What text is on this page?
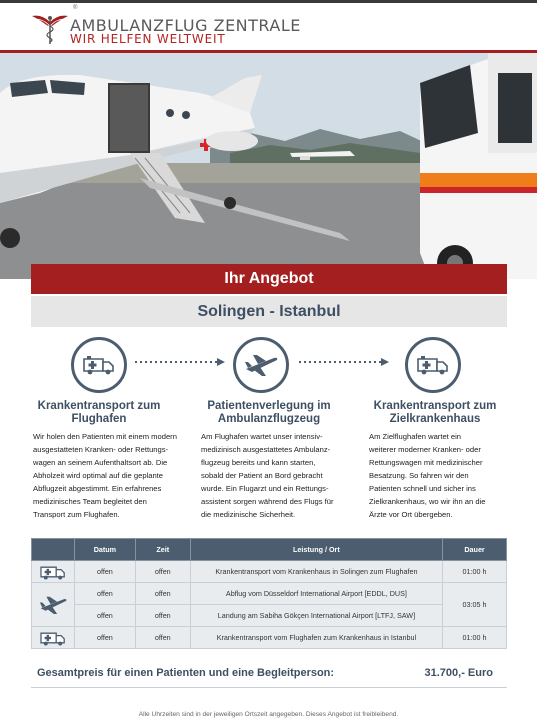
®
AMBULANZFLUG ZENTRALE
WIR HELFEN WELTWEIT
Ihr Angebot
Solingen - Istanbul
Krankentransport zum
Flughafen
Patientenverlegung im
Ambulanzflugzeug
Krankentransport zum
Zielkrankenhaus
Wir holen den Patienten mit einem modern
ausgestatteten Kranken- oder Rettungs-
wagen an seinem Aufenthaltsort ab. Die
Abholzeit wird optimal auf die geplante
Abflugzeit abgestimmt. Ein erfahrenes
medizinisches Team begleitet den
Transport zum Flughafen.
Am Flughafen wartet unser intensiv-
medizinisch ausgestattetes Ambulanz-
flugzeug bereits und kann starten,
sobald der Patient an Bord gebracht
wurde. Ein Flugarzt und ein Rettungs-
assistent sorgen während des Flugs für
die medizinische Sicherheit.
Am Zielflughafen wartet ein
weiterer moderner Kranken- oder
Rettungswagen mit medizinischer
Besatzung. So fahren wir den
Patienten schnell und sicher ins
Zielkrankenhaus, wo wir ihn an die
Ärzte vor Ort übergeben.
	Datum	Zeit	Leistung / Ort	Dauer

	offen	offen	Krankentransport vom Krankenhaus in Solingen zum Flughafen	01:00 h

	offen	offen	Abflug vom Düsseldorf International Airport [EDDL, DUS]	03:05 h
	offen	offen	Landung am Sabiha Gökçen International Airport [LTFJ, SAW]	

	offen	offen	Krankentransport vom Flughafen zum Krankenhaus in Istanbul	01:00 h
Gesamtpreis für einen Patienten und eine Begleitperson:	31.700,- Euro
Alle Uhrzeiten sind in der jeweiligen Ortszeit angegeben. Dieses Angebot ist freibleibend.
